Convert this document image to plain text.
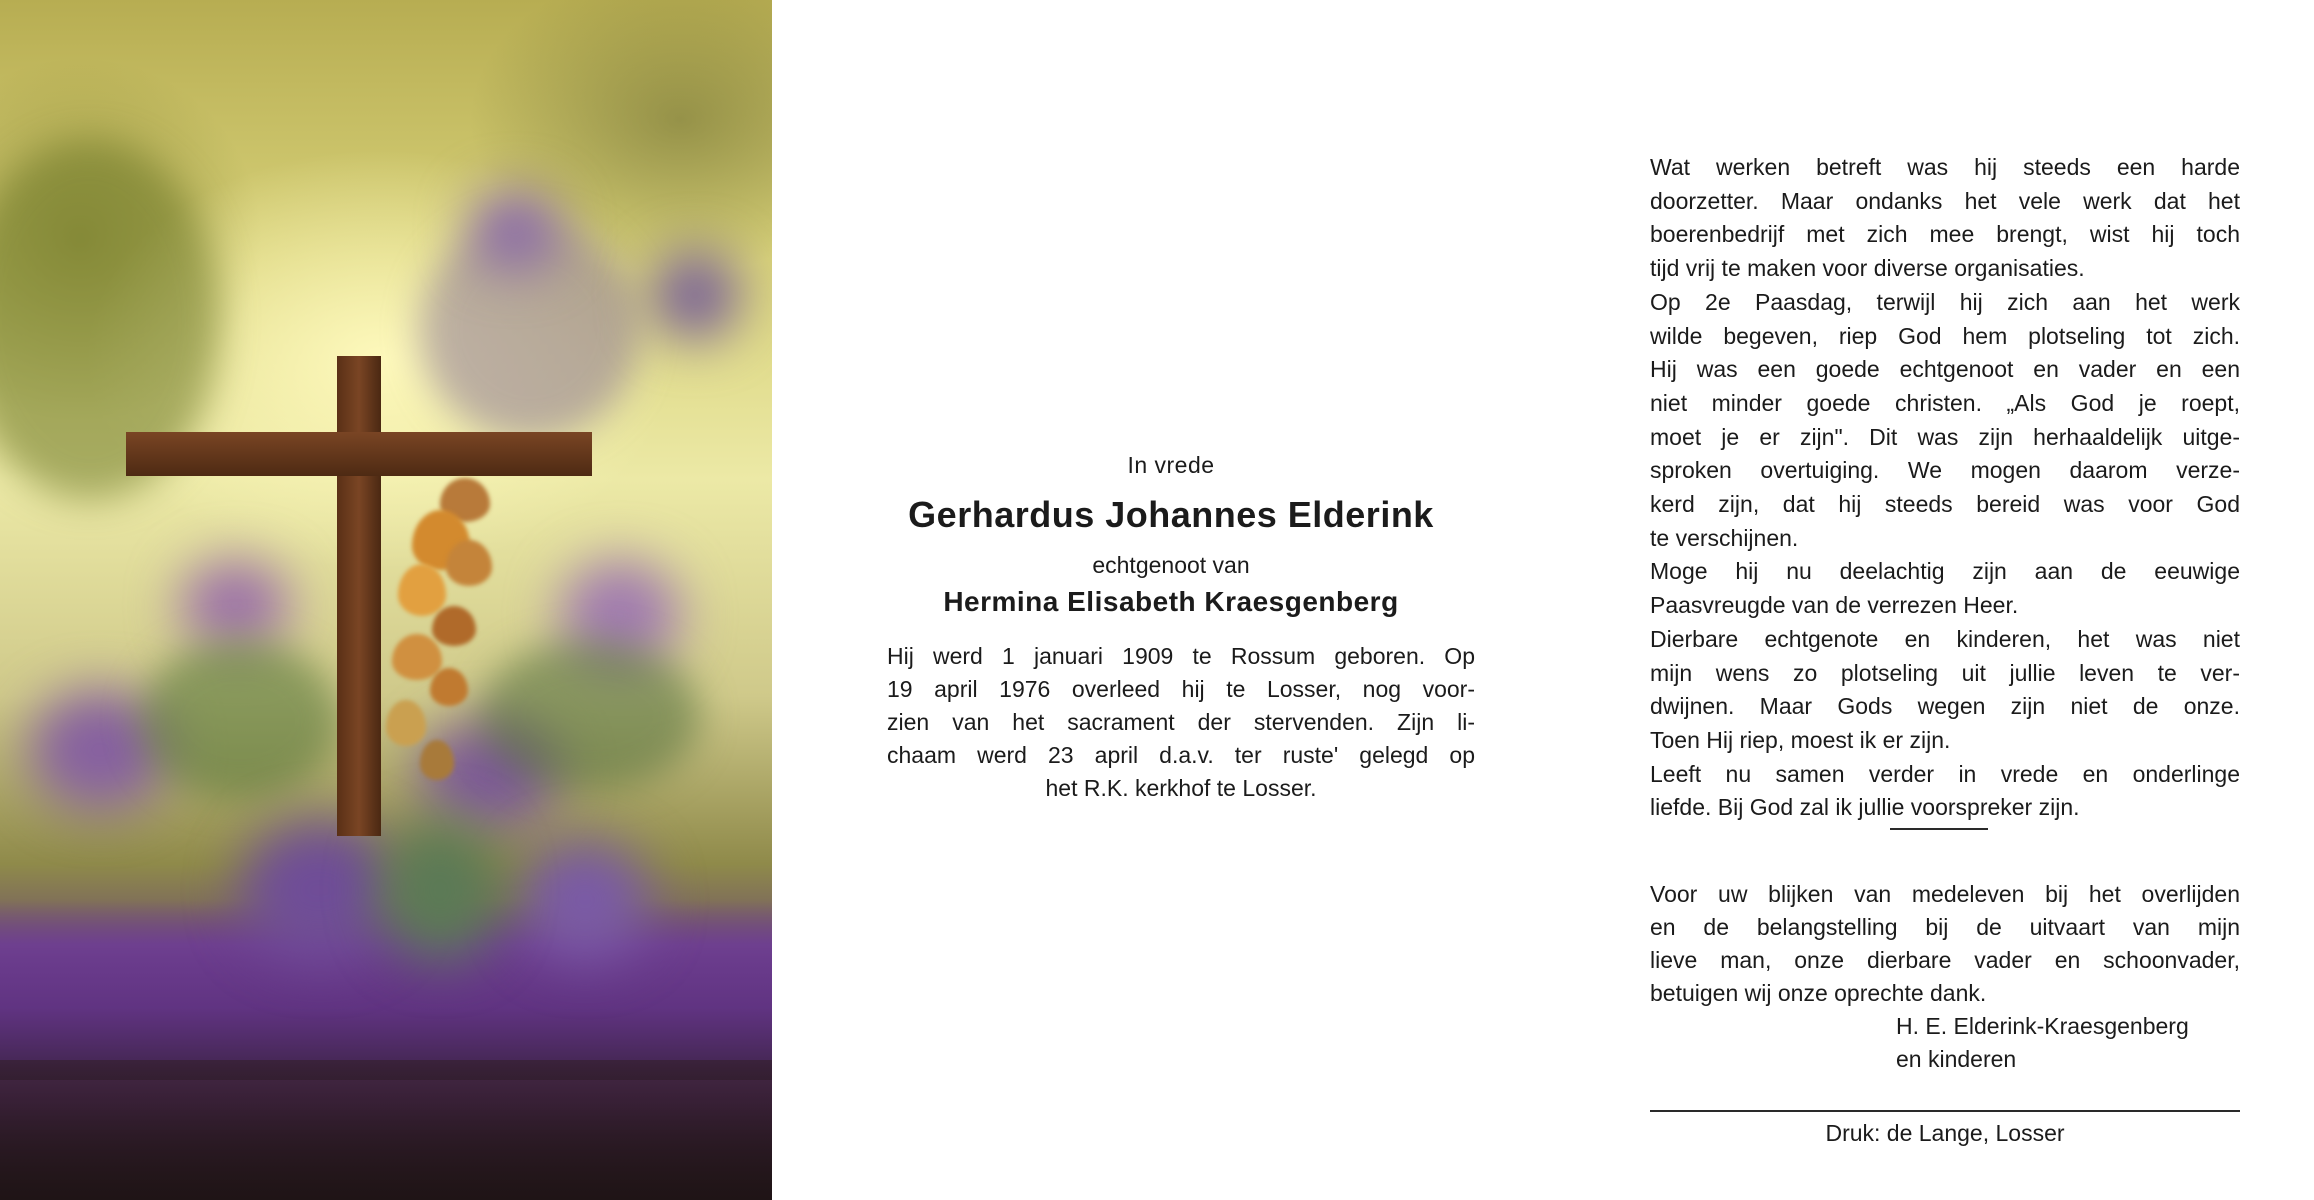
In vrede
Gerhardus Johannes Elderink
echtgenoot van
Hermina Elisabeth Kraesgenberg
Hij werd 1 januari 1909 te Rossum geboren. Op
19 april 1976 overleed hij te Losser, nog voor-
zien van het sacrament der stervenden. Zijn li-
chaam werd 23 april d.a.v. ter ruste' gelegd op
het R.K. kerkhof te Losser.
Wat werken betreft was hij steeds een harde
doorzetter. Maar ondanks het vele werk dat het
boerenbedrijf met zich mee brengt, wist hij toch
tijd vrij te maken voor diverse organisaties.
Op 2e Paasdag, terwijl hij zich aan het werk
wilde begeven, riep God hem plotseling tot zich.
Hij was een goede echtgenoot en vader en een
niet minder goede christen. „Als God je roept,
moet je er zijn". Dit was zijn herhaaldelijk uitge-
sproken overtuiging. We mogen daarom verze-
kerd zijn, dat hij steeds bereid was voor God
te verschijnen.
Moge hij nu deelachtig zijn aan de eeuwige
Paasvreugde van de verrezen Heer.
Dierbare echtgenote en kinderen, het was niet
mijn wens zo plotseling uit jullie leven te ver-
dwijnen. Maar Gods wegen zijn niet de onze.
Toen Hij riep, moest ik er zijn.
Leeft nu samen verder in vrede en onderlinge
liefde. Bij God zal ik jullie voorspreker zijn.
Voor uw blijken van medeleven bij het overlijden
en de belangstelling bij de uitvaart van mijn
lieve man, onze dierbare vader en schoonvader,
betuigen wij onze oprechte dank.
H. E. Elderink-Kraesgenberg
en kinderen
Druk: de Lange, Losser
